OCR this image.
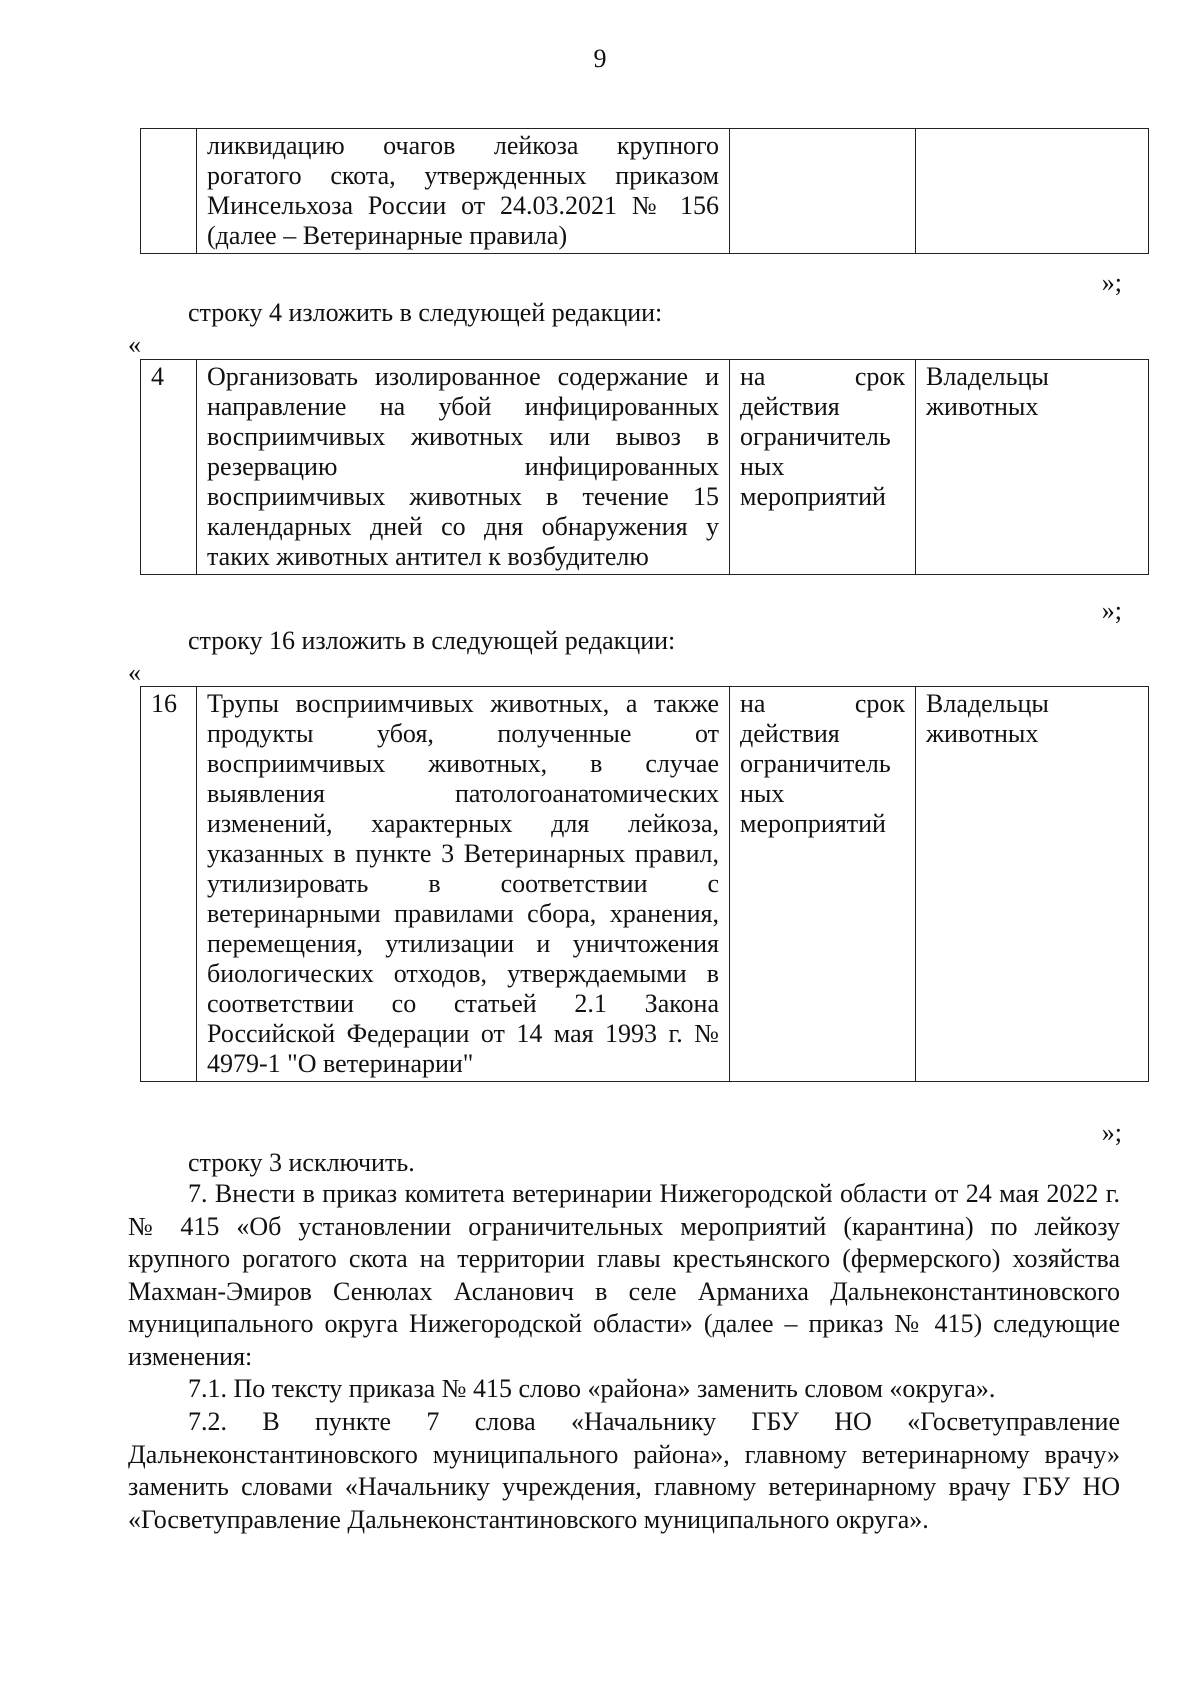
9
	ликвидацию очагов лейкоза крупного рогатого скота, утвержденных приказом Минсельхоза России от 24.03.2021 № 156 (далее – Ветеринарные правила)		
»;
строку 4 изложить в следующей редакции:
«
4	Организовать изолированное содержание и направление на убой инфицированных восприимчивых животных или вывоз в резервацию инфицированных восприимчивых животных в течение 15 календарных дней со дня обнаружения у таких животных антител к возбудителю	на срок действия ограничитель ных мероприятий	Владельцы животных
»;
строку 16 изложить в следующей редакции:
«
16	Трупы восприимчивых животных, а также продукты убоя, полученные от восприимчивых животных, в случае выявления патологоанатомических изменений, характерных для лейкоза, указанных в пункте 3 Ветеринарных правил, утилизировать в соответствии с ветеринарными правилами сбора, хранения, перемещения, утилизации и уничтожения биологических отходов, утверждаемыми в соответствии со статьей 2.1 Закона Российской Федерации от 14 мая 1993 г. № 4979-1 "О ветеринарии"	на срок действия ограничитель ных мероприятий	Владельцы животных
»;
строку 3 исключить.
7. Внести в приказ комитета ветеринарии Нижегородской области от 24 мая 2022 г. № 415 «Об установлении ограничительных мероприятий (карантина) по лейкозу крупного рогатого скота на территории главы крестьянского (фермерского) хозяйства Махман-Эмиров Сенюлах Асланович в селе Арманиха Дальнеконстантиновского муниципального округа Нижегородской области» (далее – приказ № 415) следующие изменения:
7.1. По тексту приказа № 415 слово «района» заменить словом «округа».
7.2. В пункте 7 слова «Начальнику ГБУ НО «Госветуправление Дальнеконстантиновского муниципального района», главному ветеринарному врачу» заменить словами «Начальнику учреждения, главному ветеринарному врачу ГБУ НО «Госветуправление Дальнеконстантиновского муниципального округа».
